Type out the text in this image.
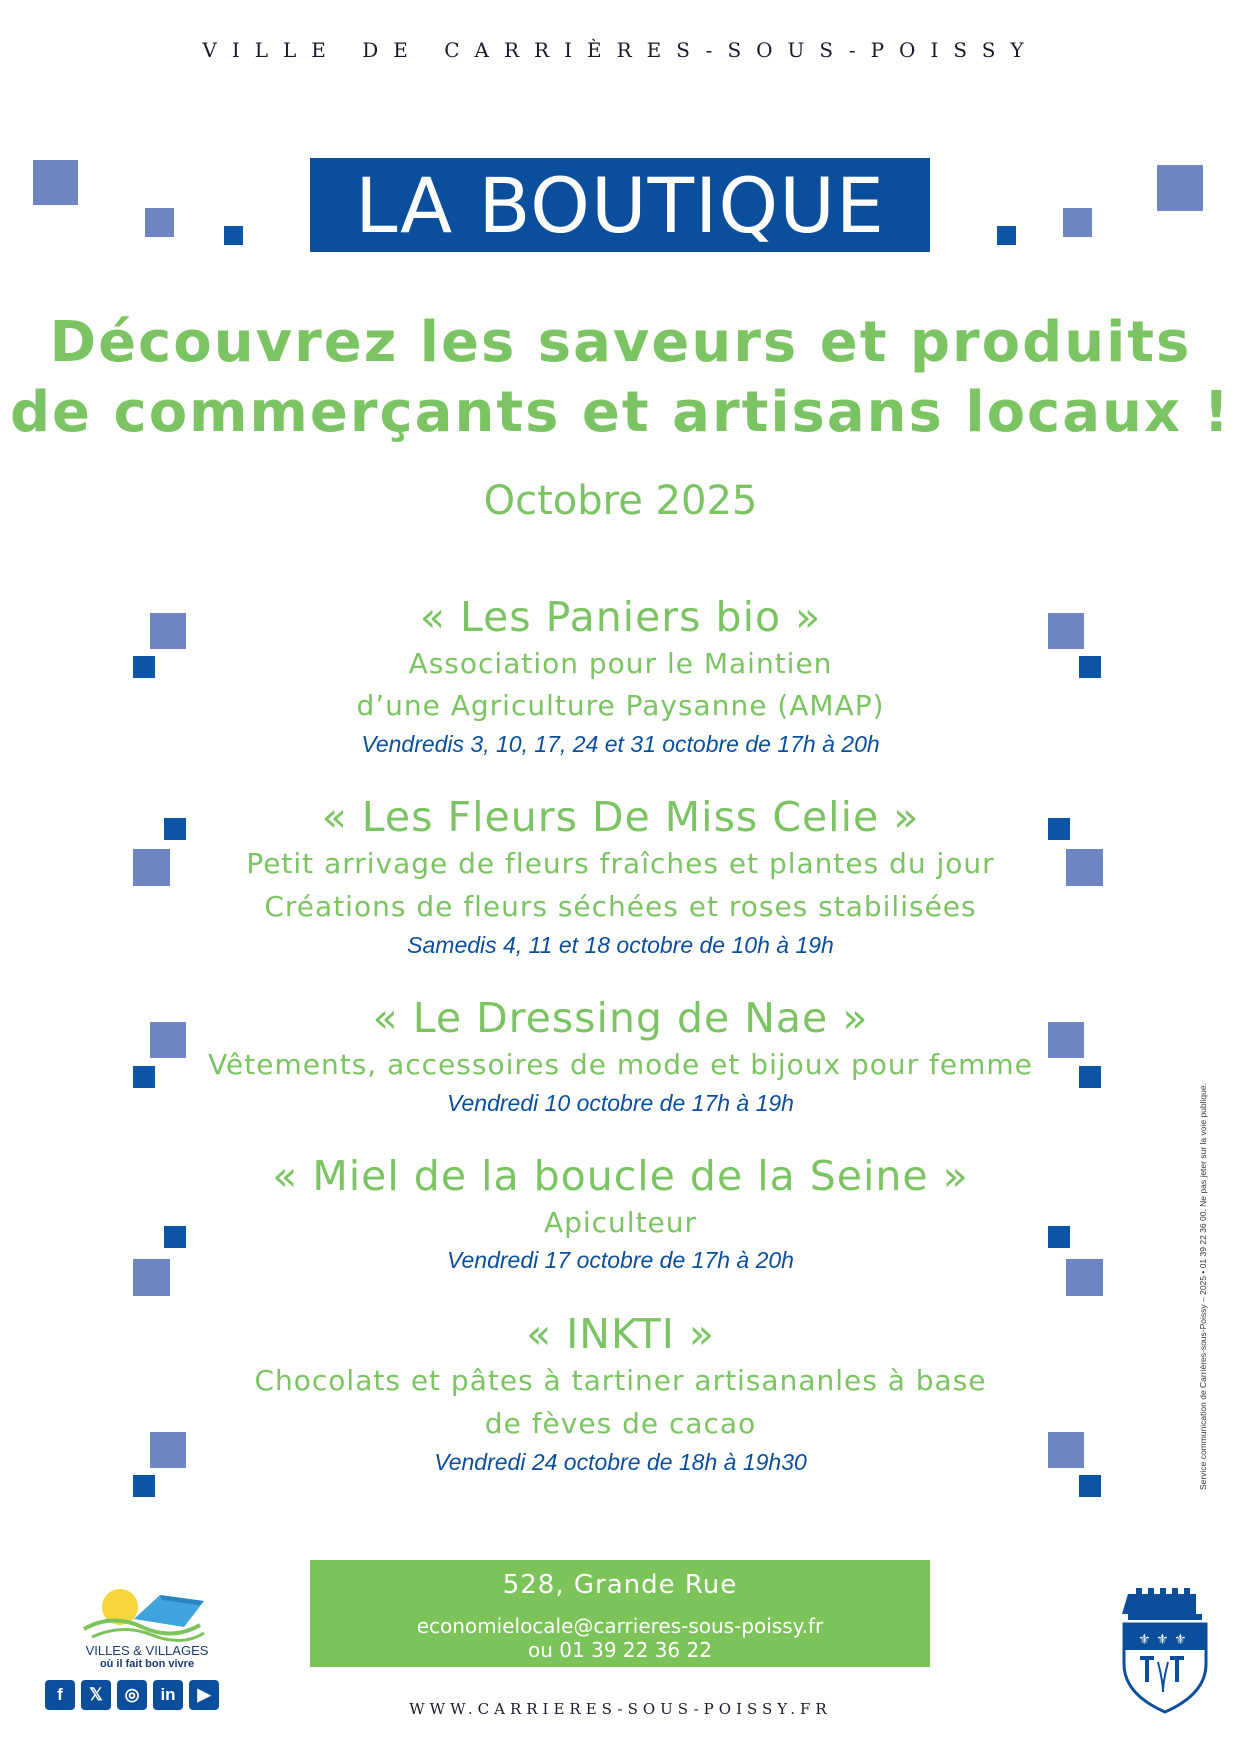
VILLE DE CARRIÈRES-SOUS-POISSY
LA BOUTIQUE
Découvrez les saveurs et produits
de commerçants et artisans locaux !
Octobre 2025
« Les Paniers bio »
Association pour le Maintien
d’une Agriculture Paysanne (AMAP)
Vendredis 3, 10, 17, 24 et 31 octobre de 17h à 20h
« Les Fleurs De Miss Celie »
Petit arrivage de fleurs fraîches et plantes du jour
Créations de fleurs séchées et roses stabilisées
Samedis 4, 11 et 18 octobre de 10h à 19h
« Le Dressing de Nae »
Vêtements, accessoires de mode et bijoux pour femme
Vendredi 10 octobre de 17h à 19h
« Miel de la boucle de la Seine »
Apiculteur
Vendredi 17 octobre de 17h à 20h
« INKTI »
Chocolats et pâtes à tartiner artisananles à base
de fèves de cacao
Vendredi 24 octobre de 18h à 19h30	Service communication de Carrières-sous-Poissy – 2025 • 01 39 22 36 00. Ne pas jeter sur la voie publique.
528, Grande Rue
economielocale@carrieres-sous-poissy.fr
ou 01 39 22 36 22
VILLES & VILLAGES
où il fait bon vivre
f	𝕏	◎	in	▶
WWW.CARRIERES-SOUS-POISSY.FR
⚜ ⚜ ⚜
